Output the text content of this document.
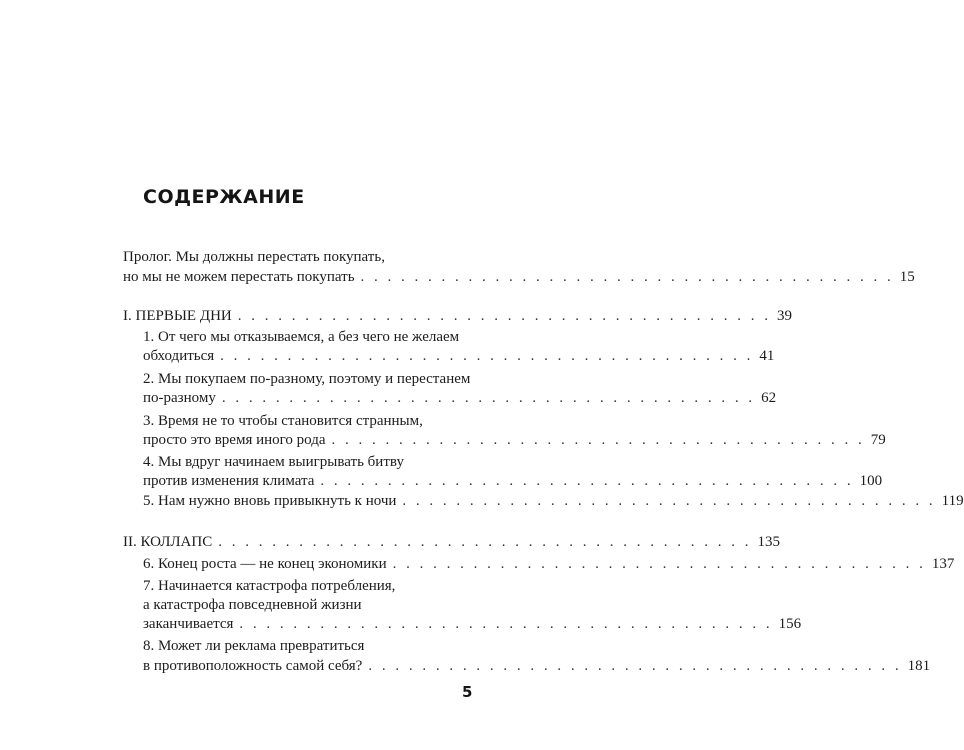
СОДЕРЖАНИЕ
Пролог. Мы должны перестать покупать,
но мы не можем перестать покупать . . . . . . . . . . . . . . . . . . . . . . . . . . . . . . . . . . . . . . . . 15
I. ПЕРВЫЕ ДНИ . . . . . . . . . . . . . . . . . . . . . . . . . . . . . . . . . . . . . . . . 39
1. От чего мы отказываемся, а без чего не желаем
обходиться . . . . . . . . . . . . . . . . . . . . . . . . . . . . . . . . . . . . . . . . 41
2. Мы покупаем по-разному, поэтому и перестанем
по-разному . . . . . . . . . . . . . . . . . . . . . . . . . . . . . . . . . . . . . . . . 62
3. Время не то чтобы становится странным,
просто это время иного рода . . . . . . . . . . . . . . . . . . . . . . . . . . . . . . . . . . . . . . . . 79
4. Мы вдруг начинаем выигрывать битву
против изменения климата . . . . . . . . . . . . . . . . . . . . . . . . . . . . . . . . . . . . . . . . 100
5. Нам нужно вновь привыкнуть к ночи . . . . . . . . . . . . . . . . . . . . . . . . . . . . . . . . . . . . . . . . 119
II. КОЛЛАПС . . . . . . . . . . . . . . . . . . . . . . . . . . . . . . . . . . . . . . . . 135
6. Конец роста — не конец экономики . . . . . . . . . . . . . . . . . . . . . . . . . . . . . . . . . . . . . . . . 137
7. Начинается катастрофа потребления,
а катастрофа повседневной жизни
заканчивается . . . . . . . . . . . . . . . . . . . . . . . . . . . . . . . . . . . . . . . . 156
8. Может ли реклама превратиться
в противоположность самой себя? . . . . . . . . . . . . . . . . . . . . . . . . . . . . . . . . . . . . . . . . 181
5
